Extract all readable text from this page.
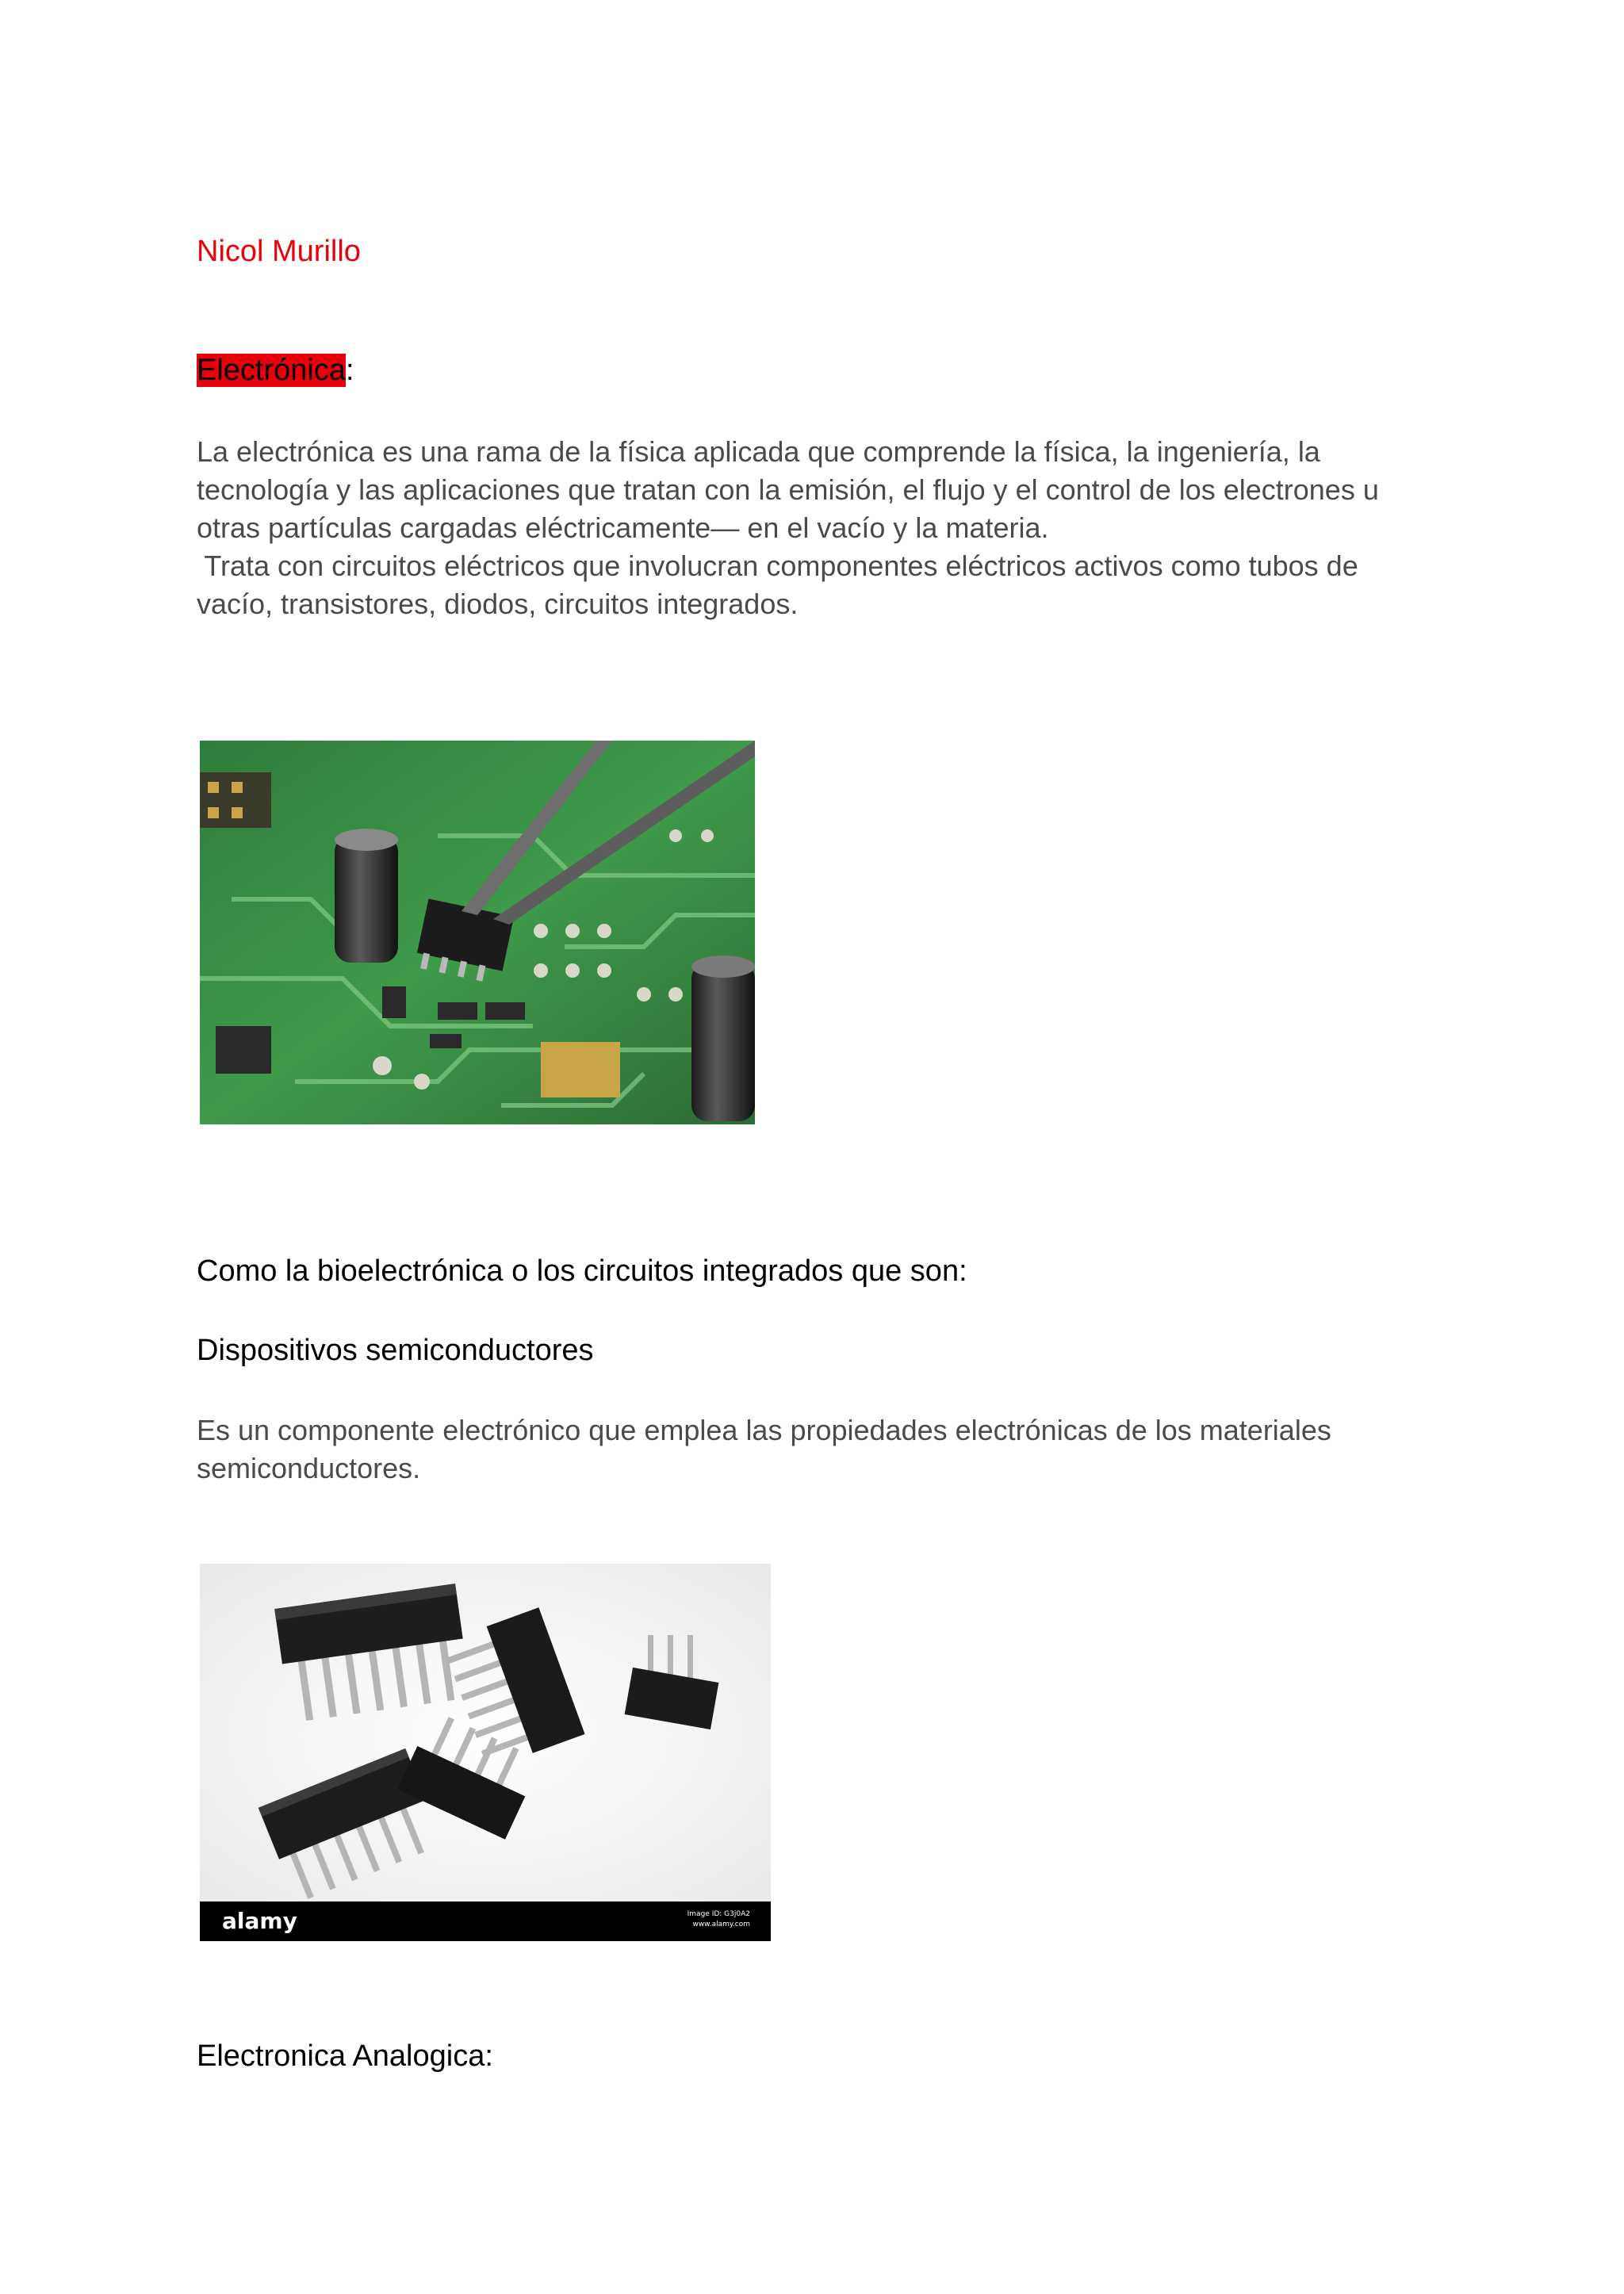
Nicol Murillo

Electrónica:

La electrónica es una rama de la física aplicada que comprende la física, la ingeniería, la
tecnología y las aplicaciones que tratan con la emisión, el flujo y el control de los electrones u
otras partículas cargadas eléctricamente— en el vacío y la materia.
Trata con circuitos eléctricos que involucran componentes eléctricos activos como tubos de
vacío, transistores, diodos, circuitos integrados.

Como la bioelectrónica o los circuitos integrados que son:

Dispositivos semiconductores

Es un componente electrónico que emplea las propiedades electrónicas de los materiales
semiconductores.

alamy	Image ID: G3j0A2
www.alamy.com

Electronica Analogica:
